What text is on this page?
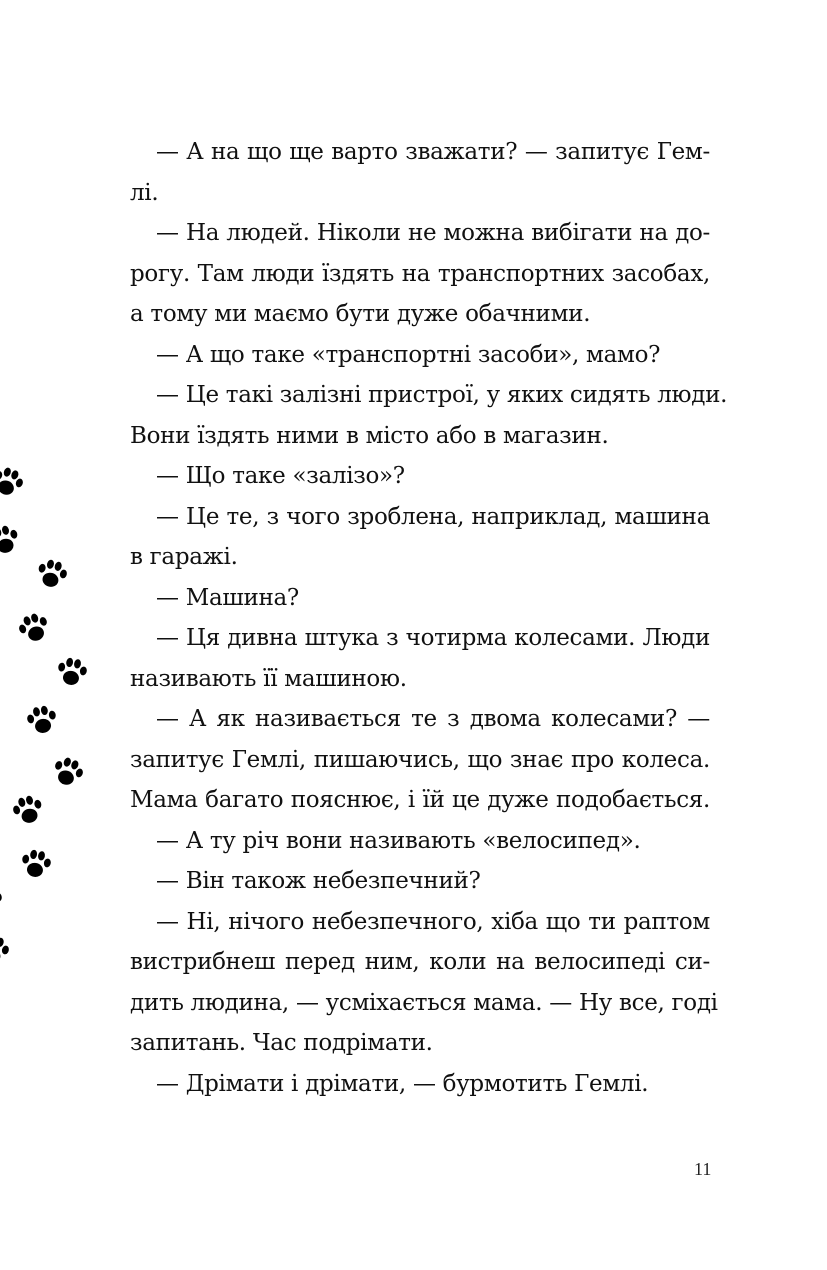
— А на що ще варто зважати? — запитує Гем-
лі.
— На людей. Ніколи не можна вибігати на до-
рогу. Там люди їздять на транспортних засобах,
а тому ми маємо бути дуже обачними.
— А що таке «транспортні засоби», мамо?
— Це такі залізні пристрої, у яких сидять люди.
Вони їздять ними в місто або в магазин.
— Що таке «залізо»?
— Це те, з чого зроблена, наприклад, машина
в гаражі.
— Машина?
— Ця дивна штука з чотирма колесами. Люди
називають її машиною.
— А як називається те з двома колесами? —
запитує Гемлі, пишаючись, що знає про колеса.
Мама багато пояснює, і їй це дуже подобається.
— А ту річ вони називають «велосипед».
— Він також небезпечний?
— Ні, нічого небезпечного, хіба що ти раптом
вистрибнеш перед ним, коли на велосипеді си-
дить людина, — усміхається мама. — Ну все, годі
запитань. Час подрімати.
— Дрімати і дрімати, — бурмотить Гемлі.
11
